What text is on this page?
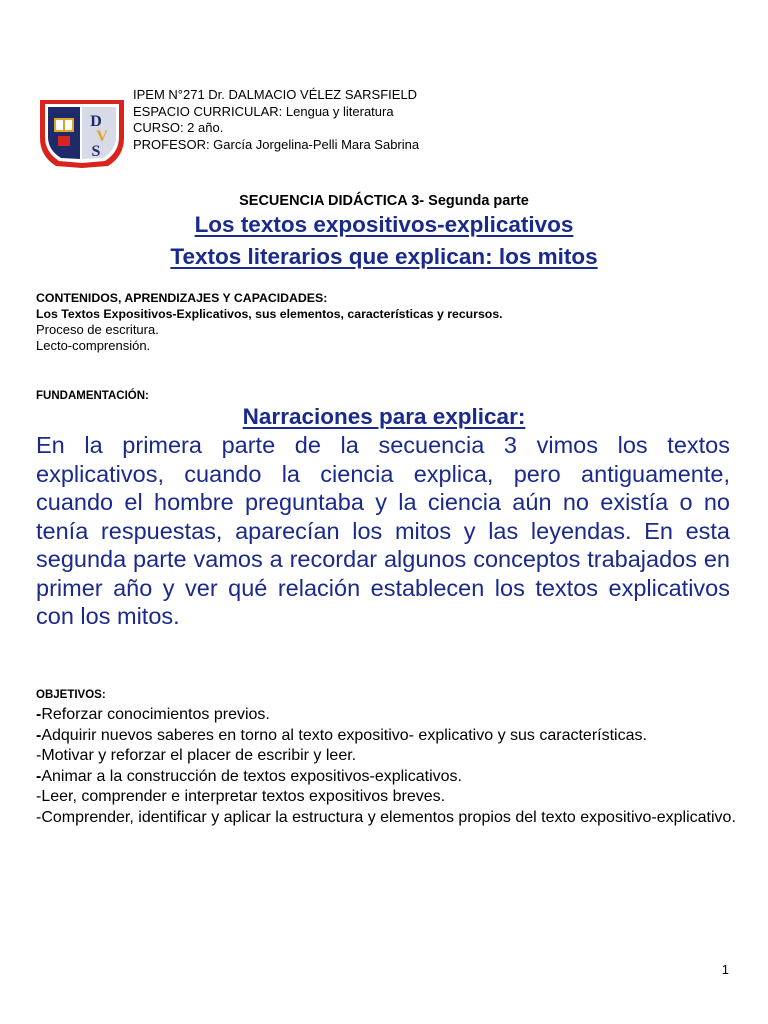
D
V
S
IPEM N°271 Dr. DALMACIO VÉLEZ SARSFIELD
ESPACIO CURRICULAR: Lengua y literatura
CURSO: 2 año.
PROFESOR: García Jorgelina-Pelli Mara Sabrina
SECUENCIA DIDÁCTICA 3- Segunda parte
Los textos expositivos-explicativos
Textos literarios que explican: los mitos
CONTENIDOS, APRENDIZAJES Y CAPACIDADES:
Los Textos Expositivos-Explicativos, sus elementos, características y recursos.
Proceso de escritura.
Lecto-comprensión.
FUNDAMENTACIÓN:
Narraciones para explicar:
En la primera parte de la secuencia 3 vimos los textos explicativos, cuando la ciencia explica, pero antiguamente, cuando el hombre preguntaba y la ciencia aún no existía o no tenía respuestas, aparecían los mitos y las leyendas. En esta segunda parte vamos a recordar algunos conceptos trabajados en primer año y ver qué relación establecen los textos explicativos con los mitos.
OBJETIVOS:
-Reforzar conocimientos previos.
-Adquirir nuevos saberes en torno al texto expositivo- explicativo y sus características.
-Motivar y reforzar el placer de escribir y leer.
-Animar a la construcción de textos expositivos-explicativos.
-Leer, comprender e interpretar textos expositivos breves.
-Comprender, identificar y aplicar la estructura y elementos propios del texto expositivo-explicativo.
1
